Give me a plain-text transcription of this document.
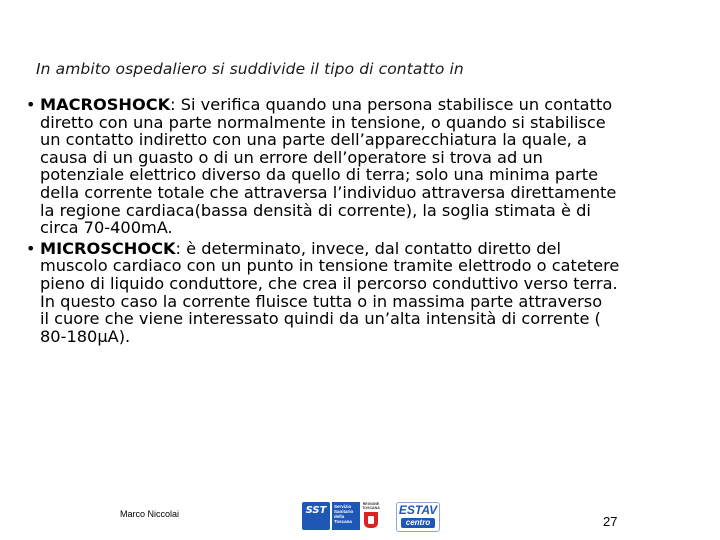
In ambito ospedaliero si suddivide il tipo di contatto in
• MACROSHOCK: Si verifica quando una persona stabilisce un contatto
diretto con una parte normalmente in tensione, o quando si stabilisce
un contatto indiretto con una parte dell’apparecchiatura la quale, a
causa di un guasto o di un errore dell’operatore si trova ad un
potenziale elettrico diverso da quello di terra; solo una minima parte
della corrente totale che attraversa l’individuo attraversa direttamente
la regione cardiaca(bassa densità di corrente), la soglia stimata è di
circa 70-400mA.
• MICROSCHOCK: è determinato, invece, dal contatto diretto del
muscolo cardiaco con un punto in tensione tramite elettrodo o catetere
pieno di liquido conduttore, che crea il percorso conduttivo verso terra.
In questo caso la corrente fluisce tutta o in massima parte attraverso
il cuore che viene interessato quindi da un’alta intensità di corrente (
80-180µA).
Marco Niccolai	SST	Servizio Sanitario della Toscana
REGIONE TOSCANA ESTAV
centro	27
